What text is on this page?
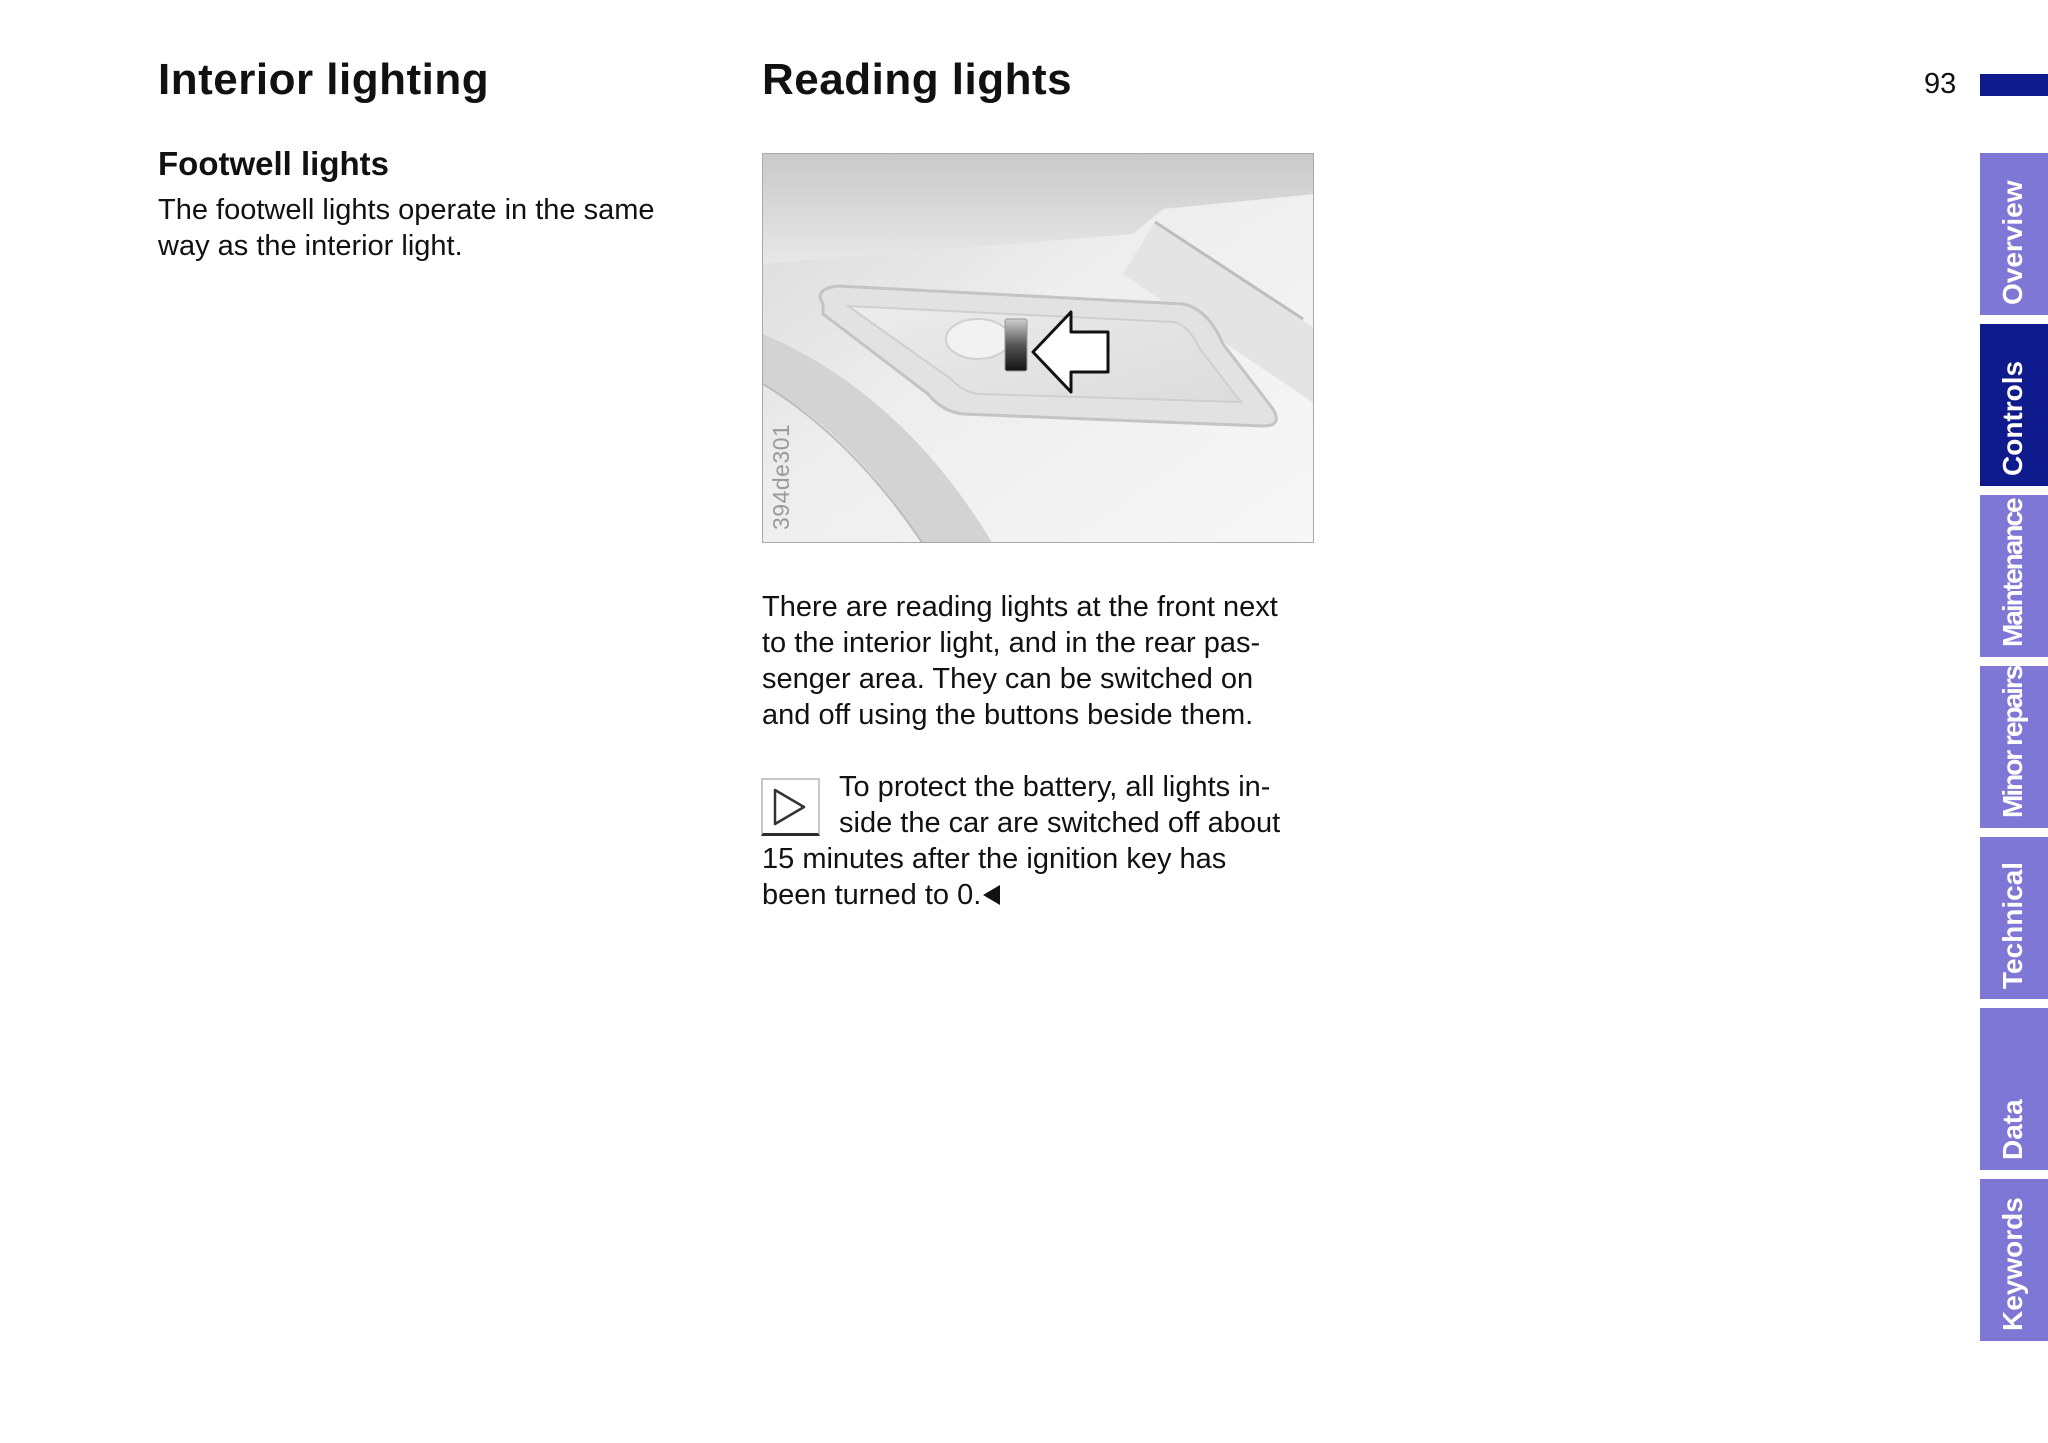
Interior lighting
Footwell lights
The footwell lights operate in the same
way as the interior light.
Reading lights
394de301
There are reading lights at the front next
to the interior light, and in the rear pas-
senger area. They can be switched on
and off using the buttons beside them.
To protect the battery, all lights in-
side the car are switched off about
15 minutes after the ignition key has
been turned to 0.
93
Overview
Controls
Maintenance
Minor repairs
Technical
Data
Keywords
